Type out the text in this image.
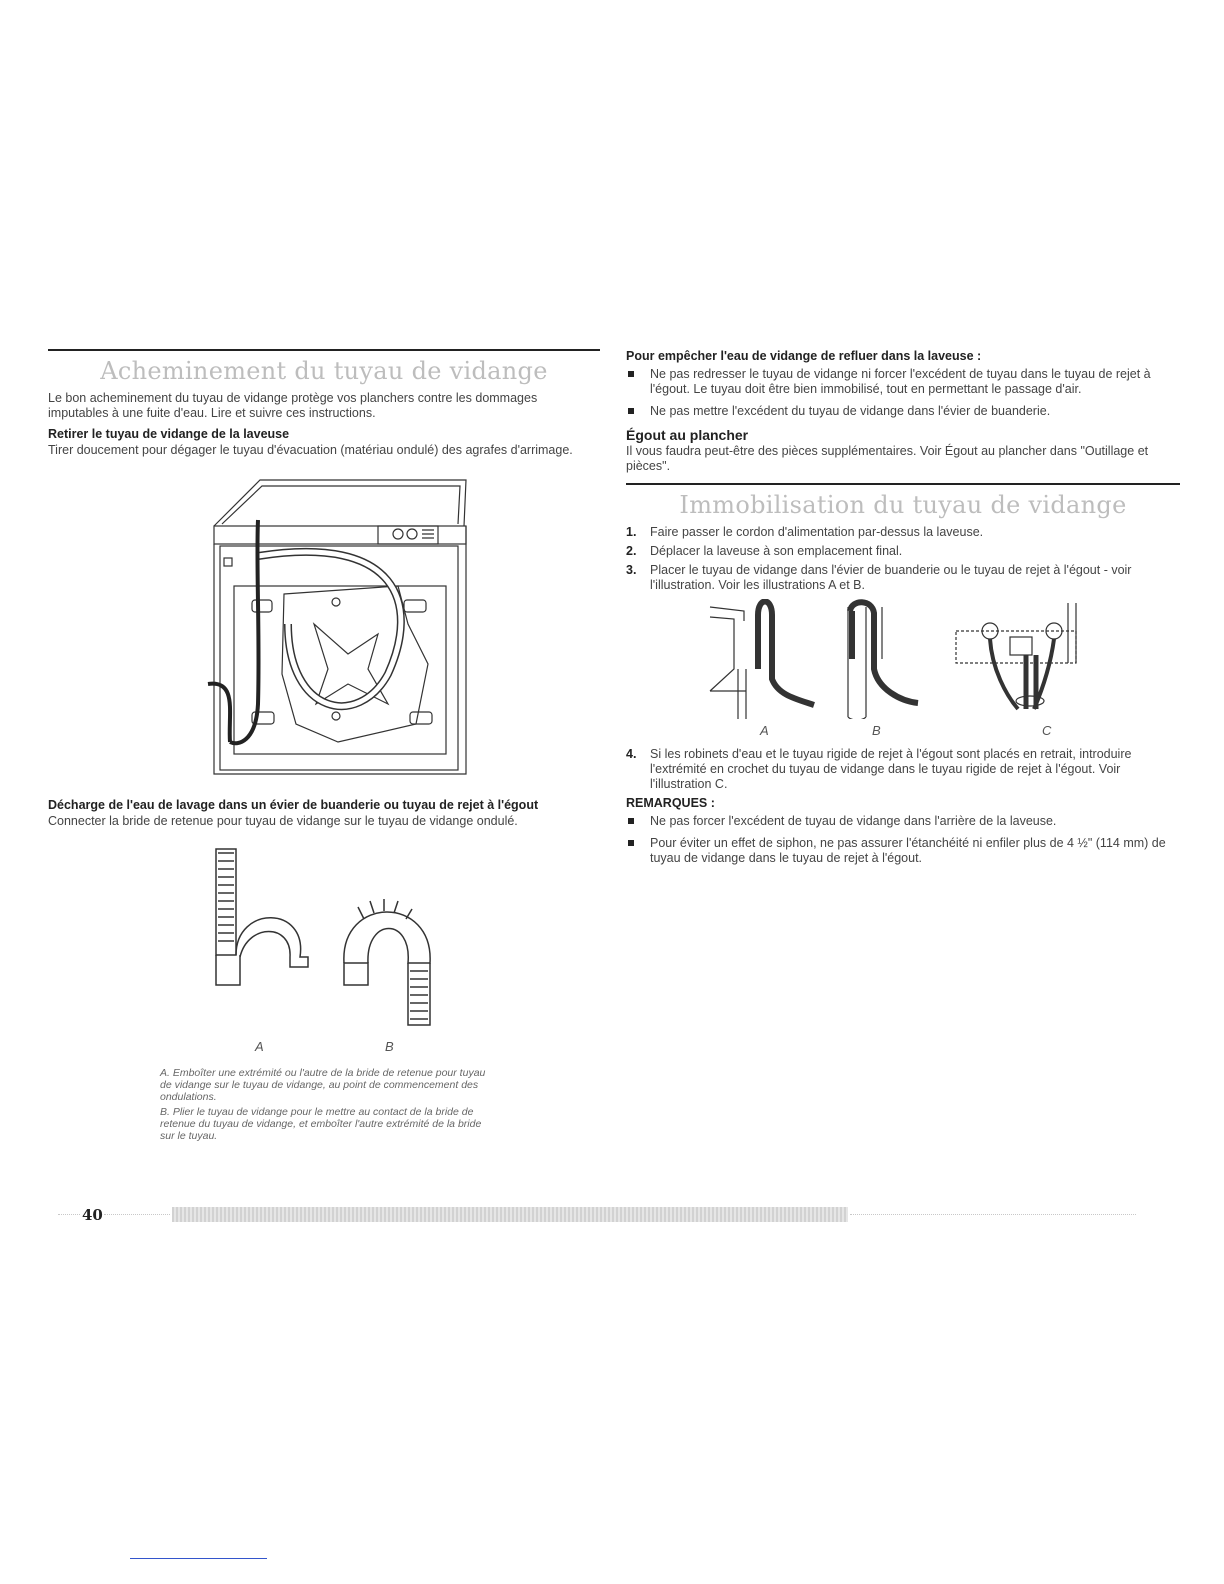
Acheminement du tuyau de vidange

Le bon acheminement du tuyau de vidange protège vos planchers contre les dommages imputables à une fuite d'eau. Lire et suivre ces instructions.

Retirer le tuyau de vidange de la laveuse

Tirer doucement pour dégager le tuyau d'évacuation (matériau ondulé) des agrafes d'arrimage.

Décharge de l'eau de lavage dans un évier de buanderie ou tuyau de rejet à l'égout

Connecter la bride de retenue pour tuyau de vidange sur le tuyau de vidange ondulé.

A	B

A. Emboîter une extrémité ou l'autre de la bride de retenue pour tuyau de vidange sur le tuyau de vidange, au point de commencement des ondulations.

B. Plier le tuyau de vidange pour le mettre au contact de la bride de retenue du tuyau de vidange, et emboîter l'autre extrémité de la bride sur le tuyau.

Pour empêcher l'eau de vidange de refluer dans la laveuse :
Ne pas redresser le tuyau de vidange ni forcer l'excédent de tuyau dans le tuyau de rejet à l'égout. Le tuyau doit être bien immobilisé, tout en permettant le passage d'air.
Ne pas mettre l'excédent du tuyau de vidange dans l'évier de buanderie.
Égout au plancher

Il vous faudra peut-être des pièces supplémentaires. Voir Égout au plancher dans "Outillage et pièces".

Immobilisation du tuyau de vidange
1. Faire passer le cordon d'alimentation par-dessus la laveuse.
2. Déplacer la laveuse à son emplacement final.
3. Placer le tuyau de vidange dans l'évier de buanderie ou le tuyau de rejet à l'égout - voir l'illustration. Voir les illustrations A et B.
A	B	C
4. Si les robinets d'eau et le tuyau rigide de rejet à l'égout sont placés en retrait, introduire l'extrémité en crochet du tuyau de vidange dans le tuyau rigide de rejet à l'égout. Voir l'illustration C.
REMARQUES :
Ne pas forcer l'excédent de tuyau de vidange dans l'arrière de la laveuse.
Pour éviter un effet de siphon, ne pas assurer l'étanchéité ni enfiler plus de 4 ½" (114 mm) de tuyau de vidange dans le tuyau de rejet à l'égout.
40
